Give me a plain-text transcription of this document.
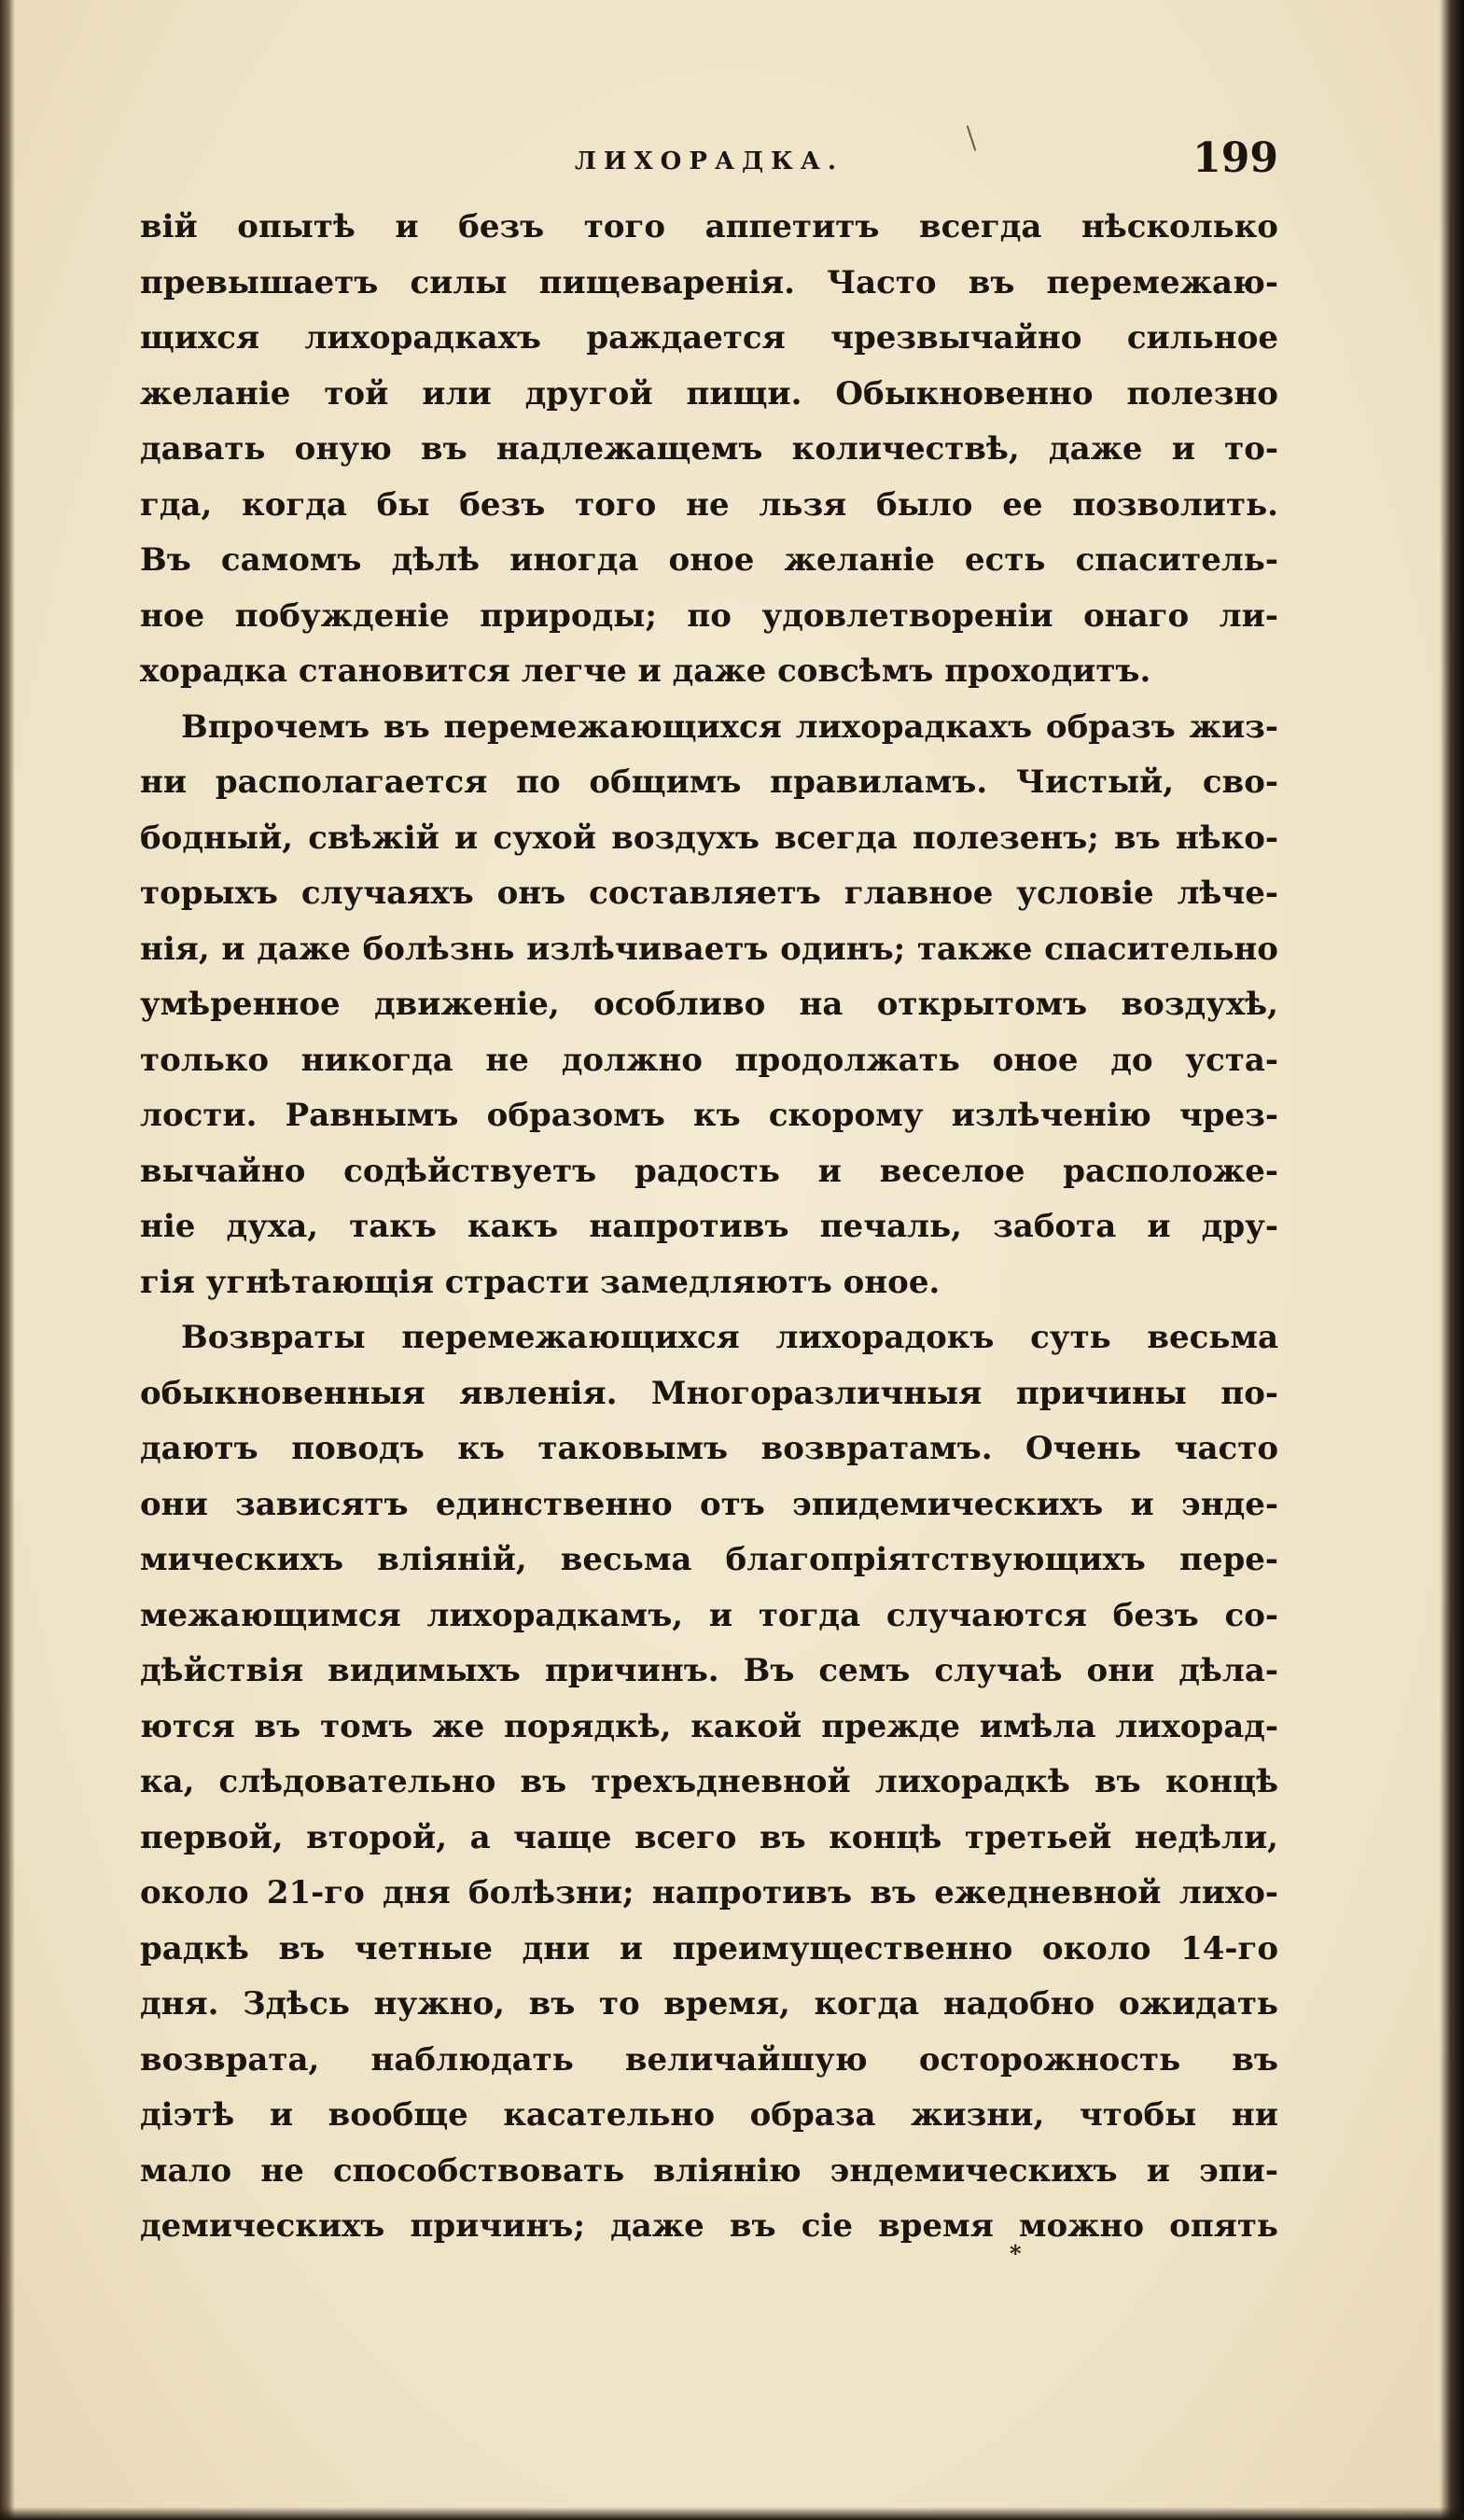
ЛИХОРАДКА.	199
вій опытѣ и безъ того аппетитъ всегда нѣсколько
превышаетъ силы пищеваренія. Часто въ перемежаю-
щихся лихорадкахъ раждается чрезвычайно сильное
желаніе той или другой пищи. Обыкновенно полезно
давать оную въ надлежащемъ количествѣ, даже и то-
гда, когда бы безъ того не льзя было ее позволить.
Въ самомъ дѣлѣ иногда оное желаніе есть спаситель-
ное побужденіе природы; по удовлетвореніи онаго ли-
хорадка становится легче и даже совсѣмъ проходитъ.
Впрочемъ въ перемежающихся лихорадкахъ образъ жиз-
ни располагается по общимъ правиламъ. Чистый, сво-
бодный, свѣжій и сухой воздухъ всегда полезенъ; въ нѣко-
торыхъ случаяхъ онъ составляетъ главное условіе лѣче-
нія, и даже болѣзнь излѣчиваетъ одинъ; также спасительно
умѣренное движеніе, особливо на открытомъ воздухѣ,
только никогда не должно продолжать оное до уста-
лости. Равнымъ образомъ къ скорому излѣченію чрез-
вычайно содѣйствуетъ радость и веселое расположе-
ніе духа, такъ какъ напротивъ печаль, забота и дру-
гія угнѣтающія страсти замедляютъ оное.
Возвраты перемежающихся лихорадокъ суть весьма
обыкновенныя явленія. Многоразличныя причины по-
даютъ поводъ къ таковымъ возвратамъ. Очень часто
они зависятъ единственно отъ эпидемическихъ и энде-
мическихъ вліяній, весьма благопріятствующихъ пере-
межающимся лихорадкамъ, и тогда случаются безъ со-
дѣйствія видимыхъ причинъ. Въ семъ случаѣ они дѣла-
ются въ томъ же порядкѣ, какой прежде имѣла лихорад-
ка, слѣдовательно въ трехъдневной лихорадкѣ въ концѣ
первой, второй, а чаще всего въ концѣ третьей недѣли,
около 21-го дня болѣзни; напротивъ въ ежедневной лихо-
радкѣ въ четные дни и преимущественно около 14-го
дня. Здѣсь нужно, въ то время, когда надобно ожидать
возврата, наблюдать величайшую осторожность въ
діэтѣ и вообще касательно образа жизни, чтобы ни
мало не способствовать вліянію эндемическихъ и эпи-
демическихъ причинъ; даже въ сіе время можно опять
*
